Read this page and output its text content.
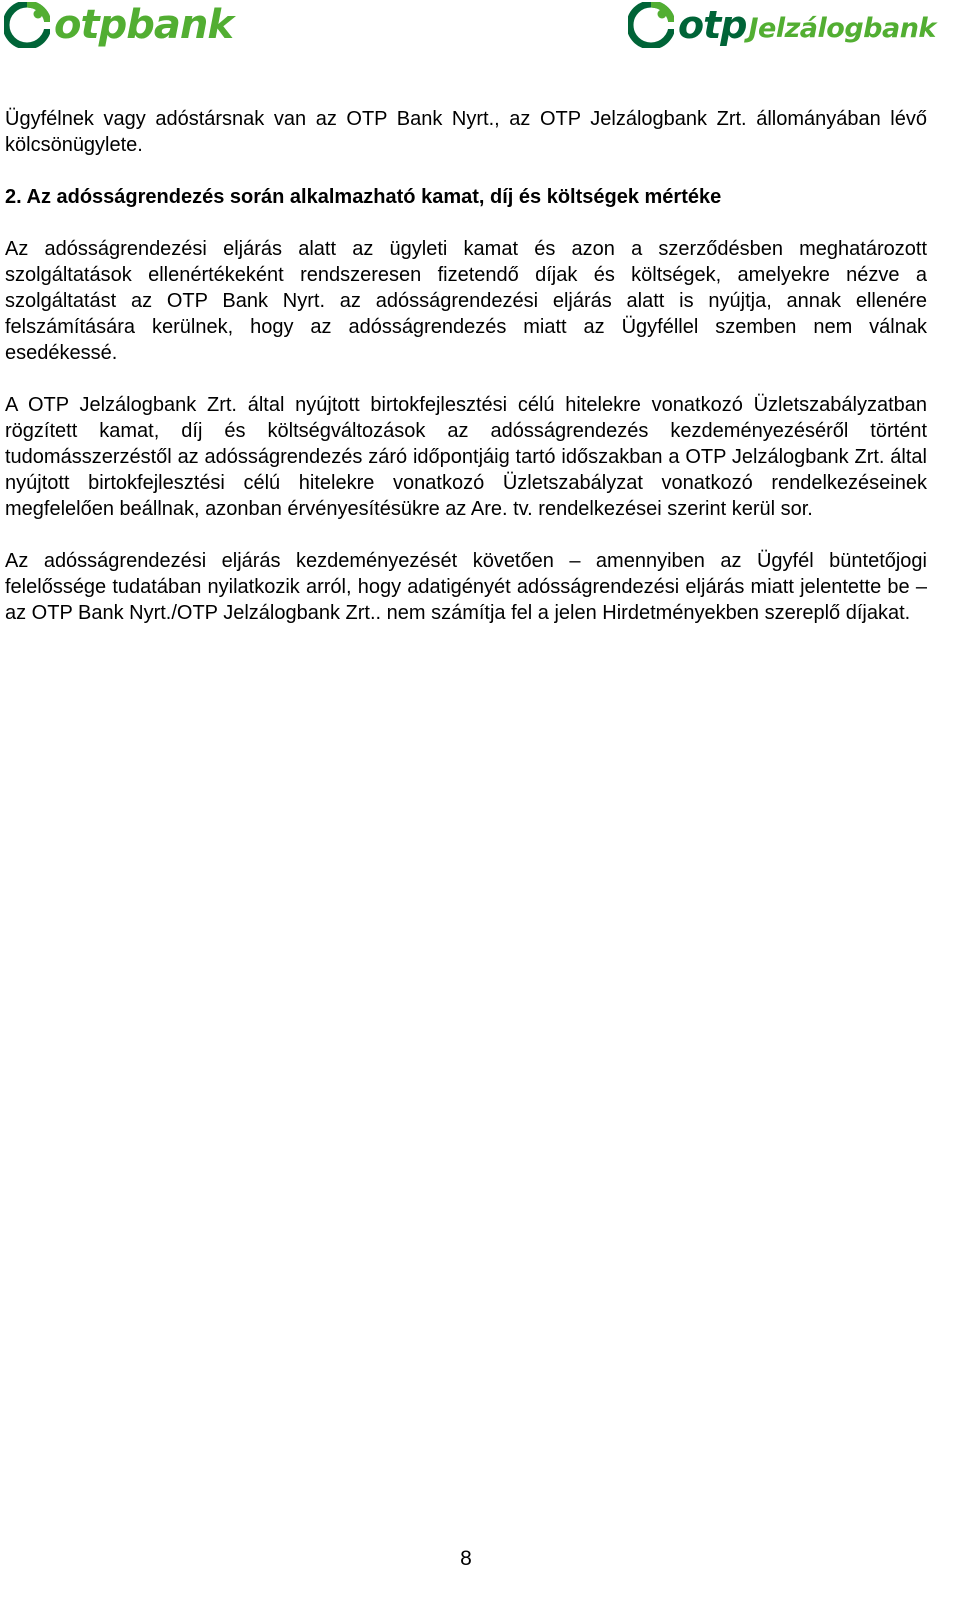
otpbank	otp Jelzálogbank

Ügyfélnek vagy adóstársnak van az OTP Bank Nyrt., az OTP Jelzálogbank Zrt. állományában lévő kölcsönügylete.

2. Az adósságrendezés során alkalmazható kamat, díj és költségek mértéke

Az adósságrendezési eljárás alatt az ügyleti kamat és azon a szerződésben meghatározott szolgáltatások ellenértékeként rendszeresen fizetendő díjak és költségek, amelyekre nézve a szolgáltatást az OTP Bank Nyrt. az adósságrendezési eljárás alatt is nyújtja, annak ellenére felszámítására kerülnek, hogy az adósságrendezés miatt az Ügyféllel szemben nem válnak esedékessé.

A OTP Jelzálogbank Zrt. által nyújtott birtokfejlesztési célú hitelekre vonatkozó Üzletszabályzatban rögzített kamat, díj és költségváltozások az adósságrendezés kezdeményezéséről történt tudomásszerzéstől az adósságrendezés záró időpontjáig tartó időszakban a OTP Jelzálogbank Zrt. által nyújtott birtokfejlesztési célú hitelekre vonatkozó Üzletszabályzat vonatkozó rendelkezéseinek megfelelően beállnak, azonban érvényesítésükre az Are. tv. rendelkezései szerint kerül sor.

Az adósságrendezési eljárás kezdeményezését követően – amennyiben az Ügyfél büntetőjogi felelőssége tudatában nyilatkozik arról, hogy adatigényét adósságrendezési eljárás miatt jelentette be – az OTP Bank Nyrt./OTP Jelzálogbank Zrt.. nem számítja fel a jelen Hirdetményekben szereplő díjakat.

8
